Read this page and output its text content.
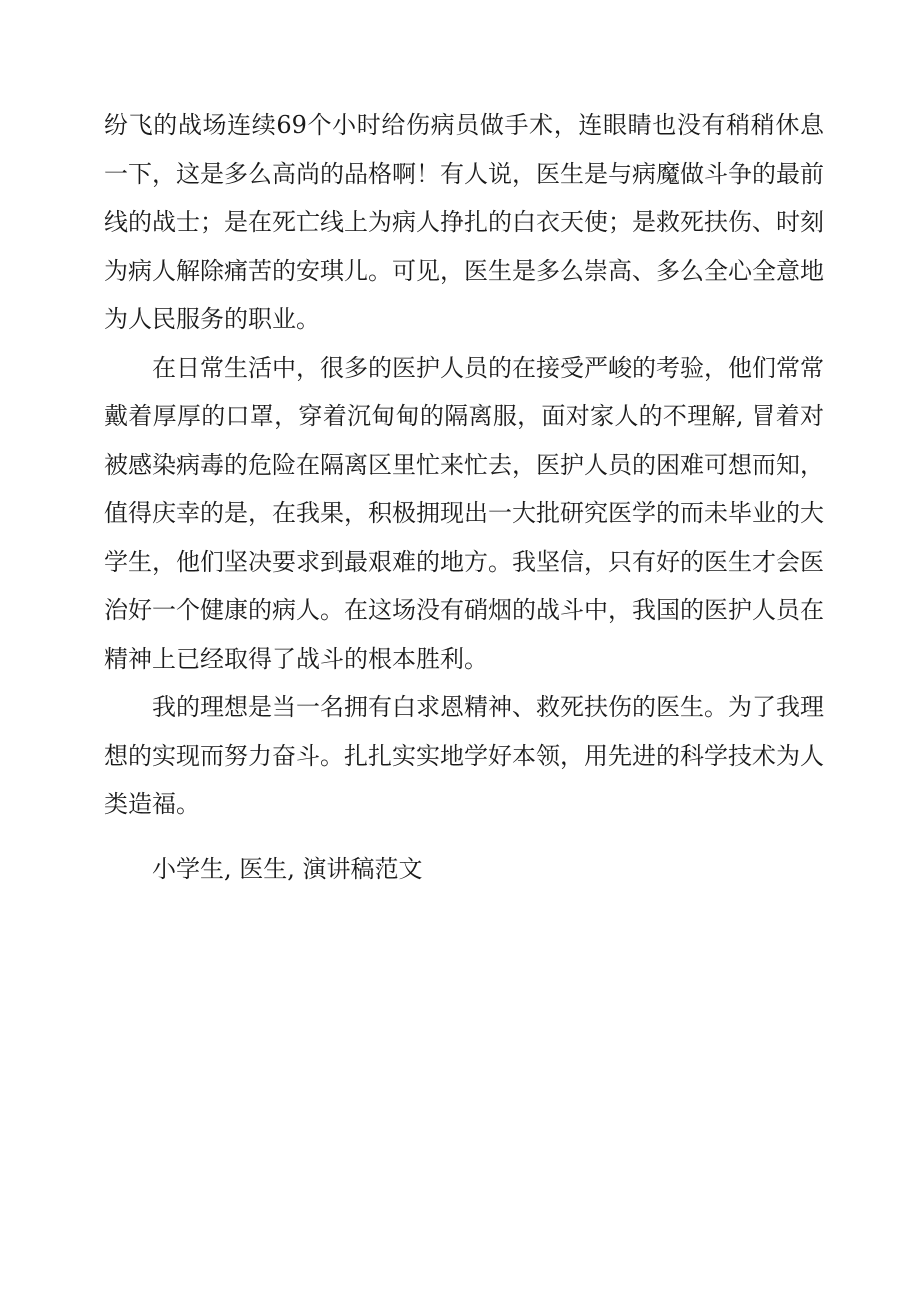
纷飞的战场连续69个小时给伤病员做手术，连眼睛也没有稍稍休息一下，这是多么高尚的品格啊！有人说，医生是与病魔做斗争的最前线的战士；是在死亡线上为病人挣扎的白衣天使；是救死扶伤、时刻为病人解除痛苦的安琪儿。可见，医生是多么崇高、多么全心全意地为人民服务的职业。

在日常生活中，很多的医护人员的在接受严峻的考验，他们常常戴着厚厚的口罩，穿着沉甸甸的隔离服，面对家人的不理解, 冒着对被感染病毒的危险在隔离区里忙来忙去，医护人员的困难可想而知，值得庆幸的是，在我果，积极拥现出一大批研究医学的而未毕业的大学生，他们坚决要求到最艰难的地方。我坚信，只有好的医生才会医治好一个健康的病人。在这场没有硝烟的战斗中，我国的医护人员在精神上已经取得了战斗的根本胜利。

我的理想是当一名拥有白求恩精神、救死扶伤的医生。为了我理想的实现而努力奋斗。扎扎实实地学好本领，用先进的科学技术为人类造福。

小学生, 医生, 演讲稿范文
